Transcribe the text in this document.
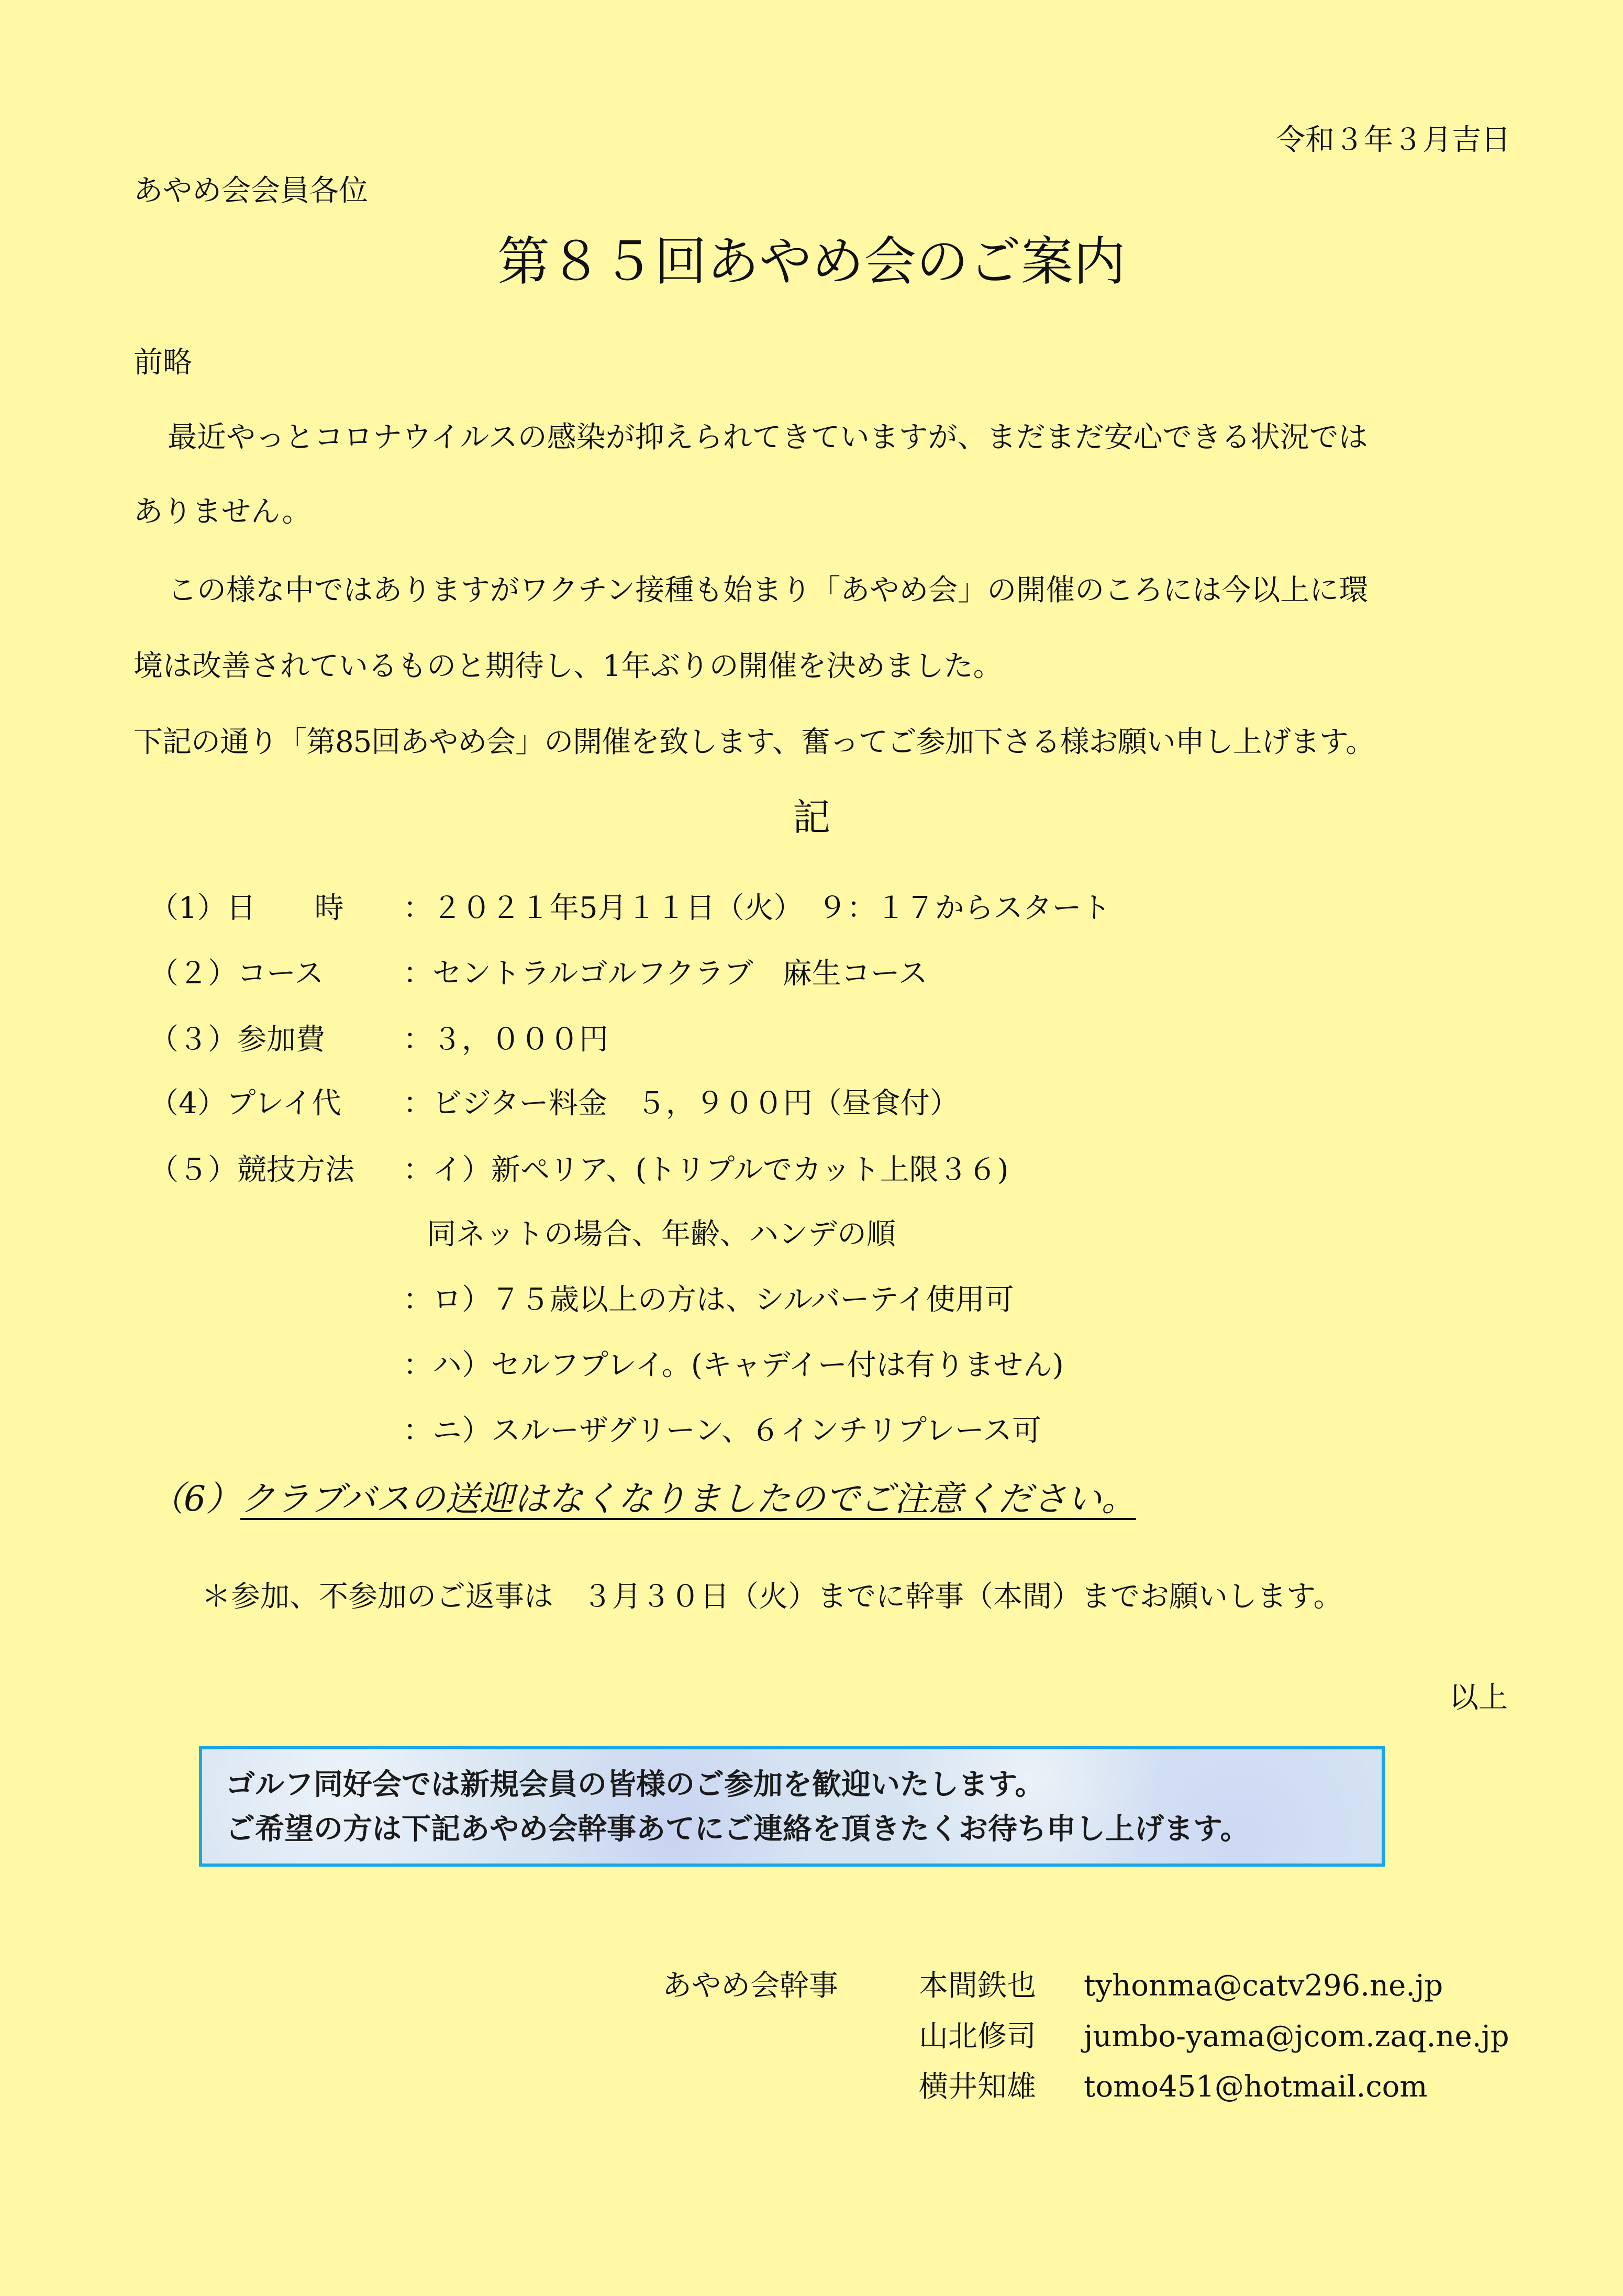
令和３年３月吉日
あやめ会会員各位
第８５回あやめ会のご案内
前略
最近やっとコロナウイルスの感染が抑えられてきていますが、まだまだ安心できる状況では
ありません。
この様な中ではありますがワクチン接種も始まり「あやめ会」の開催のころには今以上に環
境は改善されているものと期待し、1年ぶりの開催を決めました。
下記の通り「第85回あやめ会」の開催を致します、奮ってご参加下さる様お願い申し上げます。
記
（1）日　　時 ：２０２１年5月１１日（火）　９：１７からスタート
（２）コース	：セントラルゴルフクラブ　麻生コース
（３）参加費	：３，０００円
（4）プレイ代 ：ビジター料金　５，９００円（昼食付）
（５）競技方法 ：イ）新ペリア、(トリプルでカット上限３６)
同ネットの場合、年齢、ハンデの順
：ロ）７５歳以上の方は、シルバーテイ使用可
：ハ）セルフプレイ。(キャデイー付は有りません)
：ニ）スルーザグリーン、６インチリプレース可
（6）クラブバスの送迎はなくなりましたのでご注意ください。
＊参加、不参加のご返事は　３月３０日（火）までに幹事（本間）までお願いします。
以上
ゴルフ同好会では新規会員の皆様のご参加を歓迎いたします。
ご希望の方は下記あやめ会幹事あてにご連絡を頂きたくお待ち申し上げます。
あやめ会幹事	本間鉄也 tyhonma@catv296.ne.jp
山北修司 jumbo-yama@jcom.zaq.ne.jp
横井知雄 tomo451@hotmail.com
